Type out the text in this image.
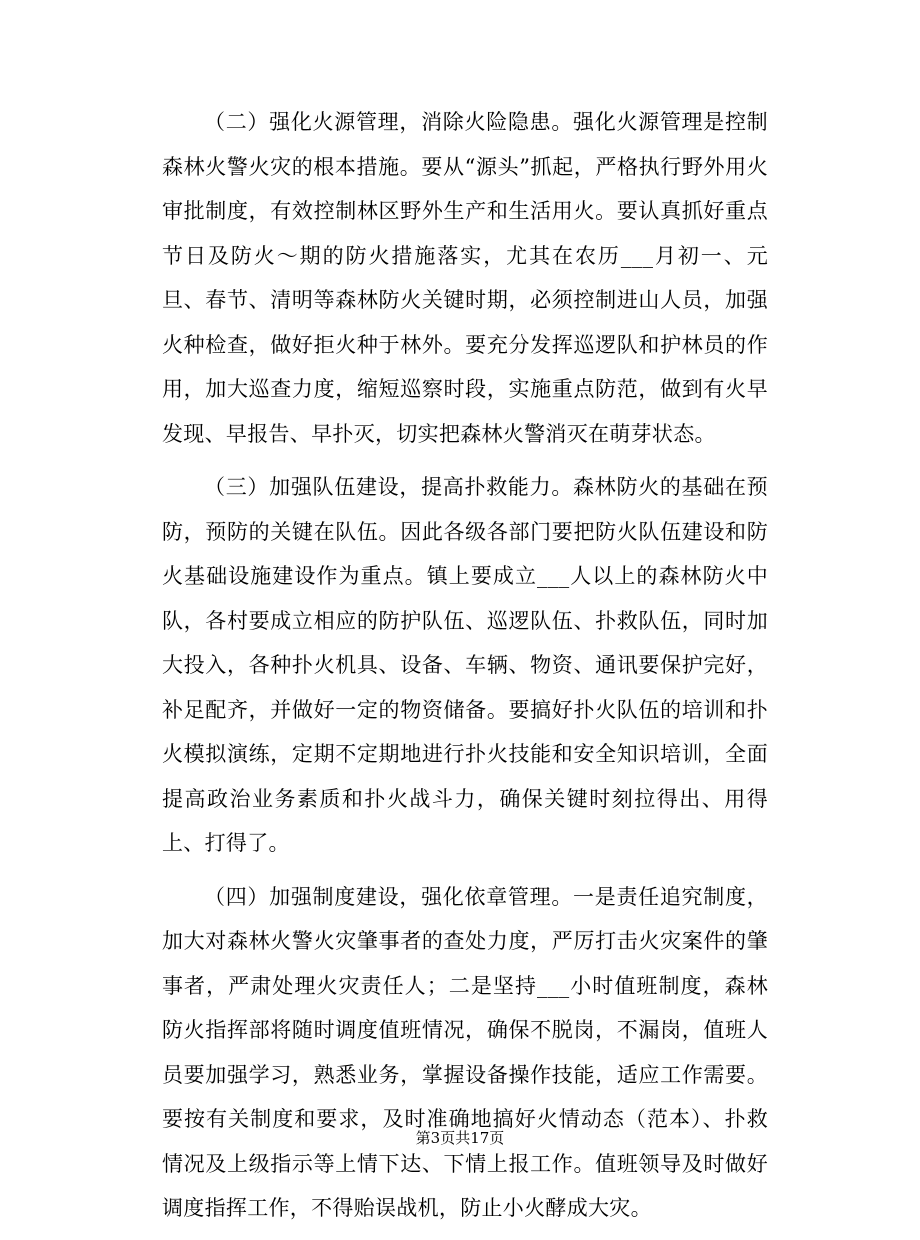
（二）强化火源管理，消除火险隐患。强化火源管理是控制森林火警火灾的根本措施。要从“源头”抓起，严格执行野外用火审批制度，有效控制林区野外生产和生活用火。要认真抓好重点节日及防火～期的防火措施落实，尤其在农历___月初一、元旦、春节、清明等森林防火关键时期，必须控制进山人员，加强火种检查，做好拒火种于林外。要充分发挥巡逻队和护林员的作用，加大巡查力度，缩短巡察时段，实施重点防范，做到有火早发现、早报告、早扑灭，切实把森林火警消灭在萌芽状态。

（三）加强队伍建设，提高扑救能力。森林防火的基础在预防，预防的关键在队伍。因此各级各部门要把防火队伍建设和防火基础设施建设作为重点。镇上要成立___人以上的森林防火中队，各村要成立相应的防护队伍、巡逻队伍、扑救队伍，同时加大投入，各种扑火机具、设备、车辆、物资、通讯要保护完好，补足配齐，并做好一定的物资储备。要搞好扑火队伍的培训和扑火模拟演练，定期不定期地进行扑火技能和安全知识培训，全面提高政治业务素质和扑火战斗力，确保关键时刻拉得出、用得上、打得了。

（四）加强制度建设，强化依章管理。一是责任追究制度，加大对森林火警火灾肇事者的查处力度，严厉打击火灾案件的肇事者，严肃处理火灾责任人；二是坚持___小时值班制度，森林防火指挥部将随时调度值班情况，确保不脱岗，不漏岗，值班人员要加强学习，熟悉业务，掌握设备操作技能，适应工作需要。要按有关制度和要求，及时准确地搞好火情动态（范本）、扑救情况及上级指示等上情下达、下情上报工作。值班领导及时做好调度指挥工作，不得贻误战机，防止小火酵成大灾。

第3页共17页
